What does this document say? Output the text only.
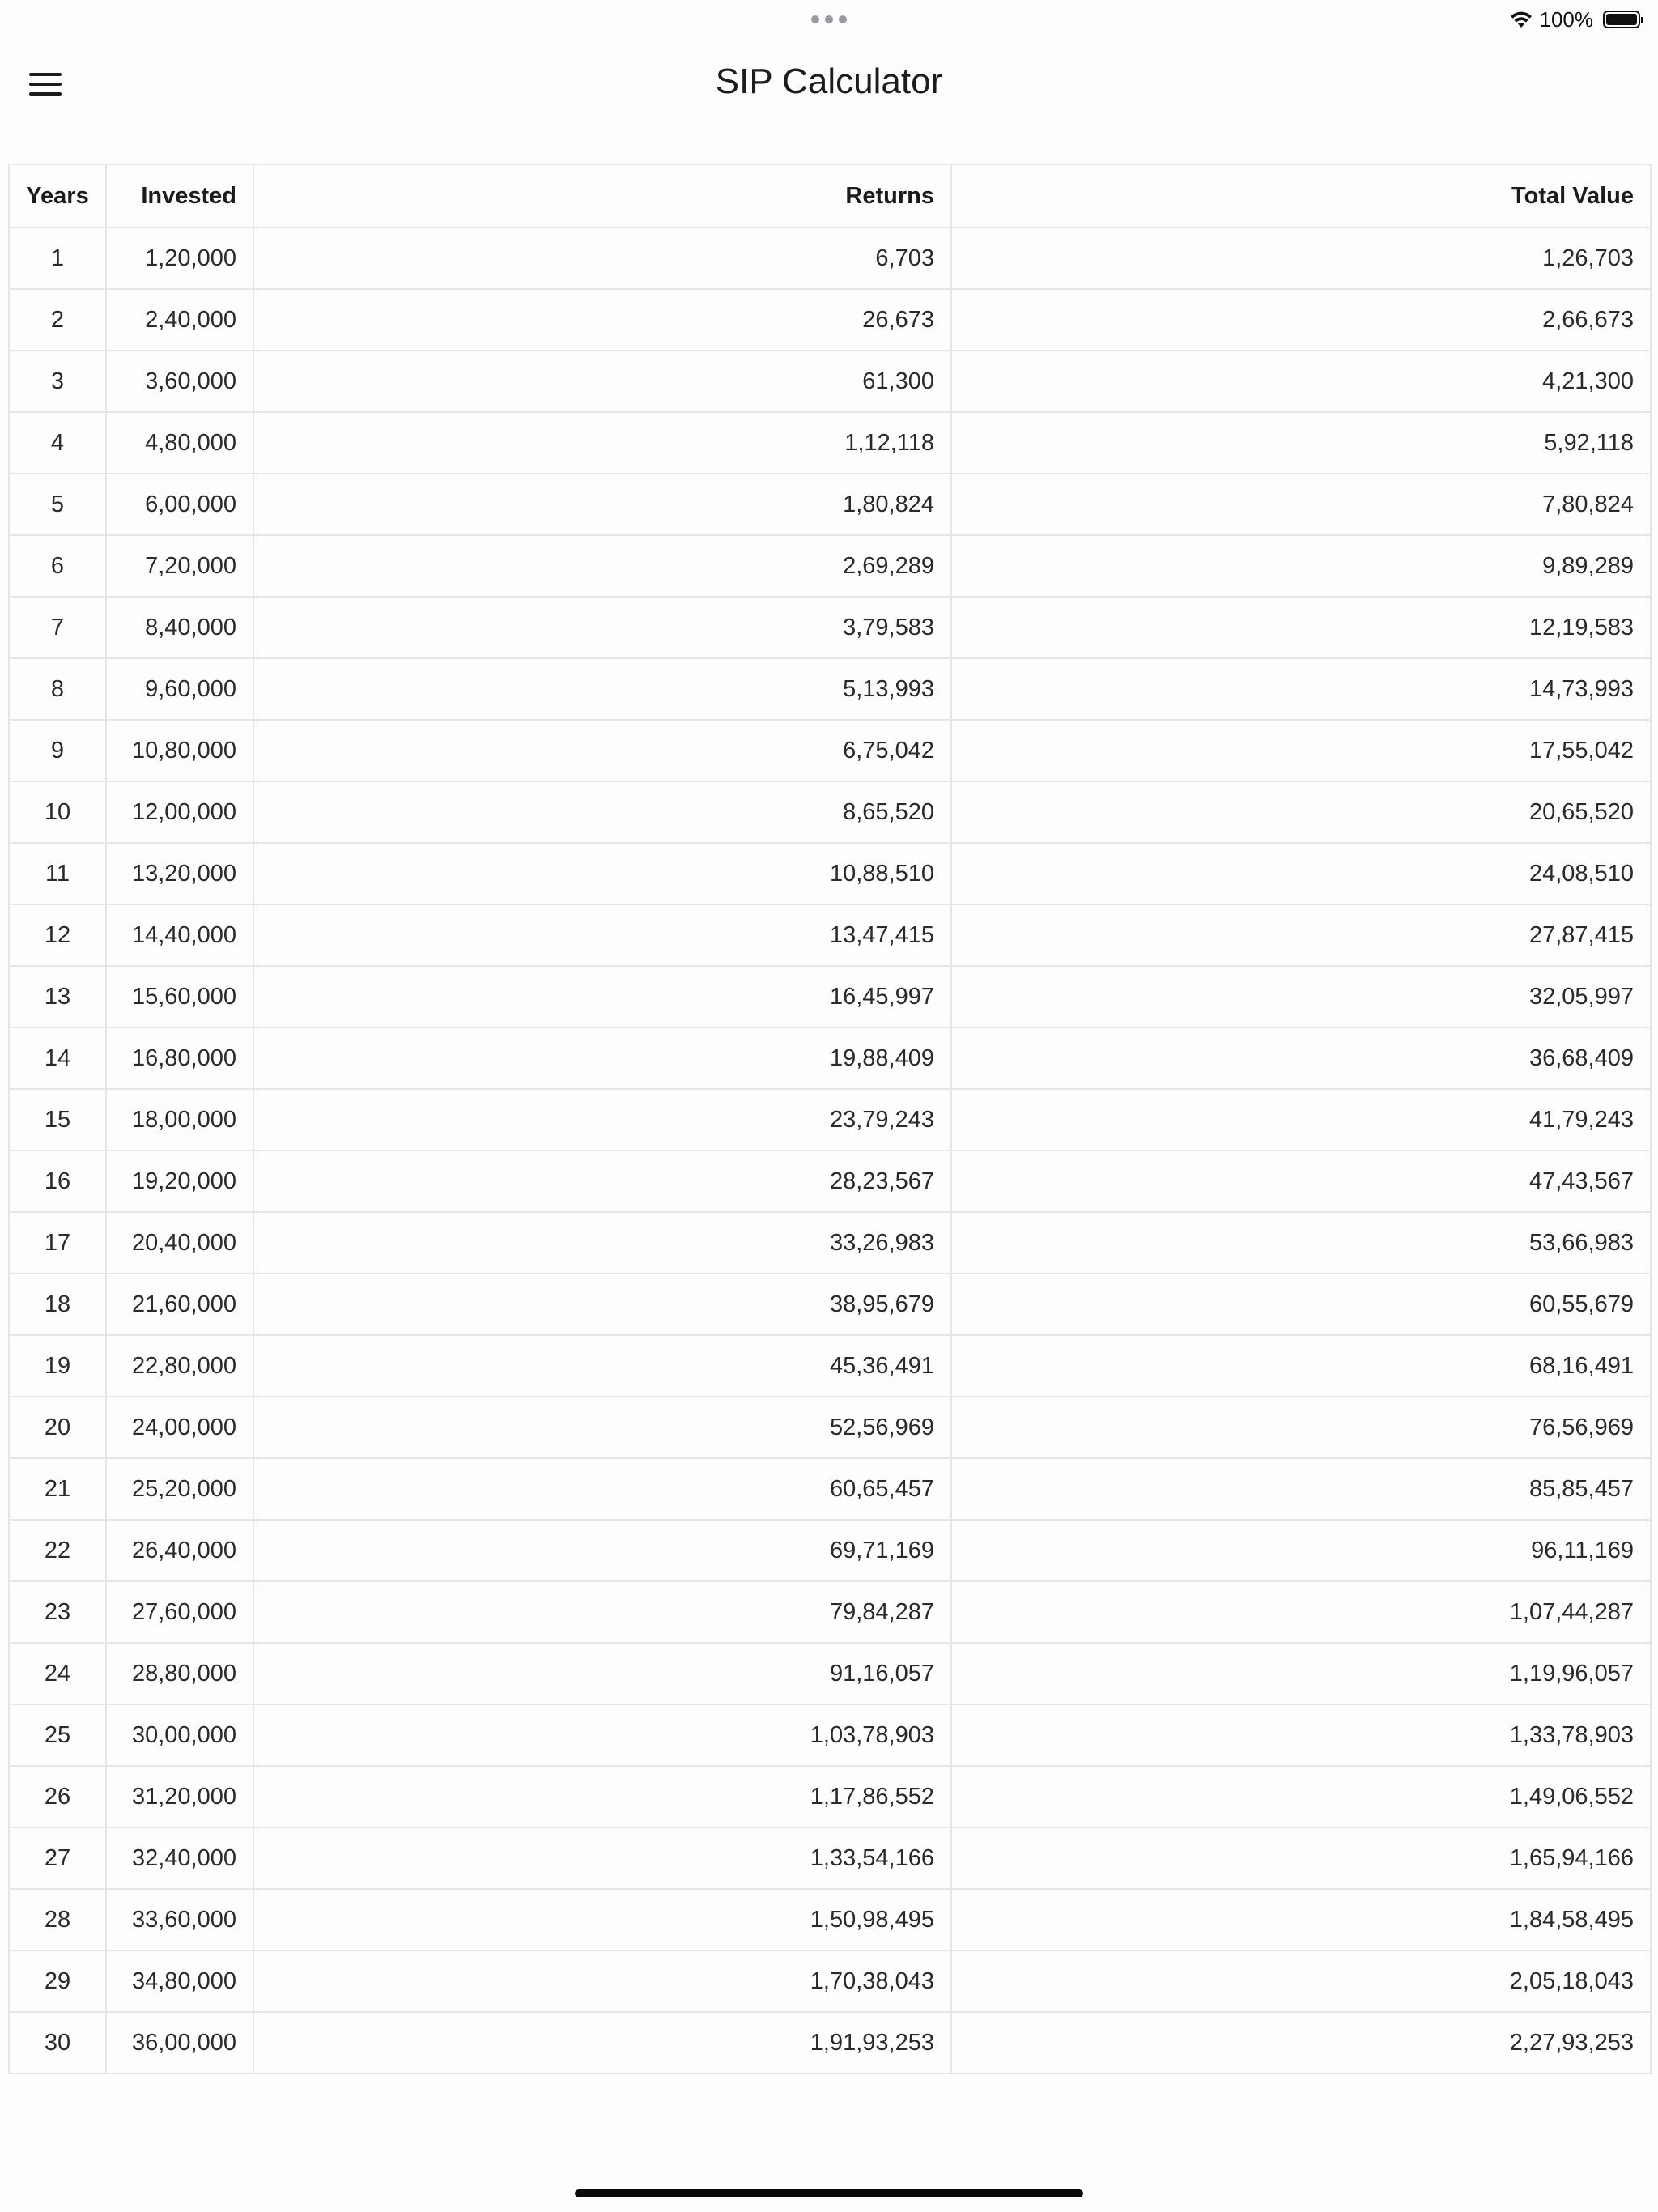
100%
SIP Calculator
Years	Invested	Returns	Total Value
1	1,20,000	6,703	1,26,703
2	2,40,000	26,673	2,66,673
3	3,60,000	61,300	4,21,300
4	4,80,000	1,12,118	5,92,118
5	6,00,000	1,80,824	7,80,824
6	7,20,000	2,69,289	9,89,289
7	8,40,000	3,79,583	12,19,583
8	9,60,000	5,13,993	14,73,993
9	10,80,000	6,75,042	17,55,042
10	12,00,000	8,65,520	20,65,520
11	13,20,000	10,88,510	24,08,510
12	14,40,000	13,47,415	27,87,415
13	15,60,000	16,45,997	32,05,997
14	16,80,000	19,88,409	36,68,409
15	18,00,000	23,79,243	41,79,243
16	19,20,000	28,23,567	47,43,567
17	20,40,000	33,26,983	53,66,983
18	21,60,000	38,95,679	60,55,679
19	22,80,000	45,36,491	68,16,491
20	24,00,000	52,56,969	76,56,969
21	25,20,000	60,65,457	85,85,457
22	26,40,000	69,71,169	96,11,169
23	27,60,000	79,84,287	1,07,44,287
24	28,80,000	91,16,057	1,19,96,057
25	30,00,000	1,03,78,903	1,33,78,903
26	31,20,000	1,17,86,552	1,49,06,552
27	32,40,000	1,33,54,166	1,65,94,166
28	33,60,000	1,50,98,495	1,84,58,495
29	34,80,000	1,70,38,043	2,05,18,043
30	36,00,000	1,91,93,253	2,27,93,253
